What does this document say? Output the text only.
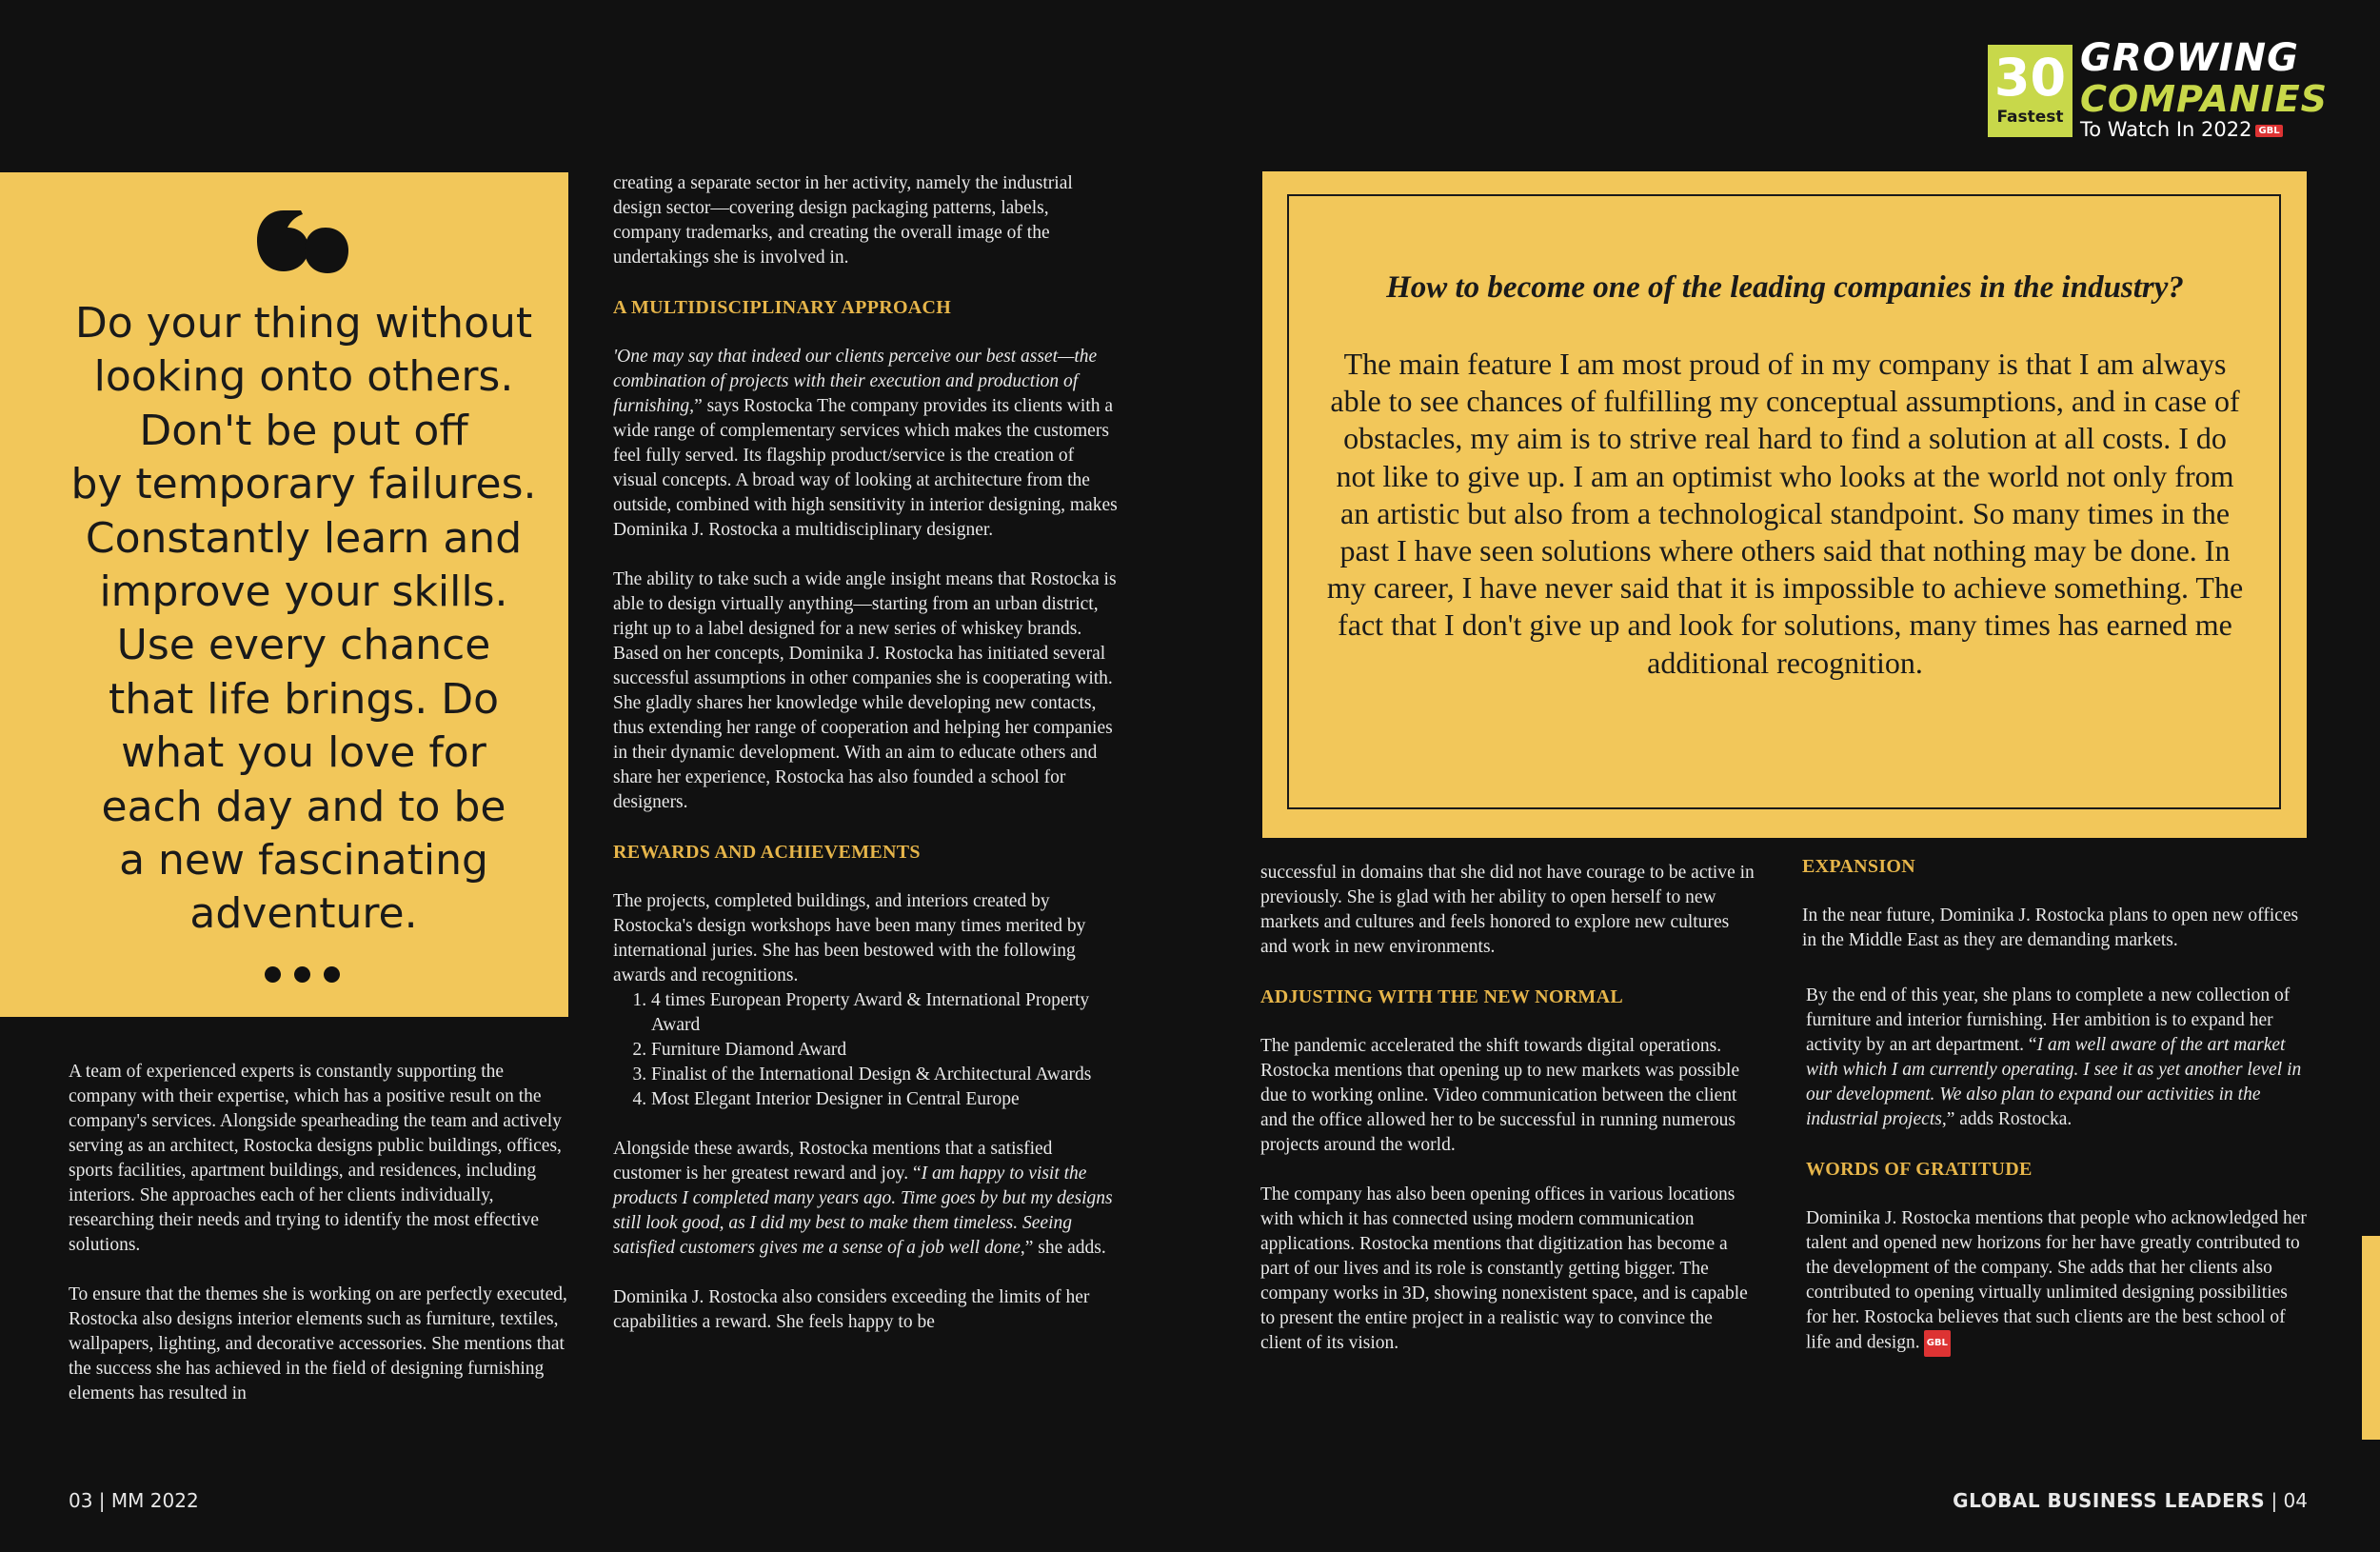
30
Fastest
GROWING
COMPANIES
To Watch In 2022 GBL
Do your thing without
looking onto others.
Don't be put off
by temporary failures.
Constantly learn and
improve your skills.
Use every chance
that life brings. Do
what you love for
each day and to be
a new fascinating
adventure.

A team of experienced experts is constantly supporting the company with their expertise, which has a positive result on the company's services. Alongside spearheading the team and actively serving as an architect, Rostocka designs public buildings, offices, sports facilities, apartment buildings, and residences, including interiors. She approaches each of her clients individually, researching their needs and trying to identify the most effective solutions.

To ensure that the themes she is working on are perfectly executed, Rostocka also designs interior elements such as furniture, textiles, wallpapers, lighting, and decorative accessories. She mentions that the success she has achieved in the field of designing furnishing elements has resulted in

creating a separate sector in her activity, namely the industrial design sector—covering design packaging patterns, labels, company trademarks, and creating the overall image of the undertakings she is involved in.

A MULTIDISCIPLINARY APPROACH

'One may say that indeed our clients perceive our best asset—the combination of projects with their execution and production of furnishing,” says Rostocka The company provides its clients with a wide range of complementary services which makes the customers feel fully served. Its flagship product/service is the creation of visual concepts. A broad way of looking at architecture from the outside, combined with high sensitivity in interior designing, makes Dominika J. Rostocka a multidisciplinary designer.

The ability to take such a wide angle insight means that Rostocka is able to design virtually anything—starting from an urban district, right up to a label designed for a new series of whiskey brands. Based on her concepts, Dominika J. Rostocka has initiated several successful assumptions in other companies she is cooperating with. She gladly shares her knowledge while developing new contacts, thus extending her range of cooperation and helping her companies in their dynamic development. With an aim to educate others and share her experience, Rostocka has also founded a school for designers.

REWARDS AND ACHIEVEMENTS

The projects, completed buildings, and interiors created by Rostocka's design workshops have been many times merited by international juries. She has been bestowed with the following awards and recognitions.

1. 4 times European Property Award & International Property Award
2. Furniture Diamond Award
3. Finalist of the International Design & Architectural Awards
4. Most Elegant Interior Designer in Central Europe

Alongside these awards, Rostocka mentions that a satisfied customer is her greatest reward and joy. “I am happy to visit the products I completed many years ago. Time goes by but my designs still look good, as I did my best to make them timeless. Seeing satisfied customers gives me a sense of a job well done,” she adds.

Dominika J. Rostocka also considers exceeding the limits of her capabilities a reward. She feels happy to be

How to become one of the leading companies in the industry?
The main feature I am most proud of in my company is that I am always able to see chances of fulfilling my conceptual assumptions, and in case of obstacles, my aim is to strive real hard to find a solution at all costs. I do not like to give up. I am an optimist who looks at the world not only from an artistic but also from a technological standpoint. So many times in the past I have seen solutions where others said that nothing may be done. In my career, I have never said that it is impossible to achieve something. The fact that I don't give up and look for solutions, many times has earned me additional recognition.

successful in domains that she did not have courage to be active in previously. She is glad with her ability to open herself to new markets and cultures and feels honored to explore new cultures and work in new environments.

ADJUSTING WITH THE NEW NORMAL

The pandemic accelerated the shift towards digital operations. Rostocka mentions that opening up to new markets was possible due to working online. Video communication between the client and the office allowed her to be successful in running numerous projects around the world.

The company has also been opening offices in various locations with which it has connected using modern communication applications. Rostocka mentions that digitization has become a part of our lives and its role is constantly getting bigger. The company works in 3D, showing nonexistent space, and is capable to present the entire project in a realistic way to convince the client of its vision.

EXPANSION

In the near future, Dominika J. Rostocka plans to open new offices in the Middle East as they are demanding markets.

By the end of this year, she plans to complete a new collection of furniture and interior furnishing. Her ambition is to expand her activity by an art department. “I am well aware of the art market with which I am currently operating. I see it as yet another level in our development. We also plan to expand our activities in the industrial projects,” adds Rostocka.

WORDS OF GRATITUDE

Dominika J. Rostocka mentions that people who acknowledged her talent and opened new horizons for her have greatly contributed to the development of the company. She adds that her clients also contributed to opening virtually unlimited designing possibilities for her. Rostocka believes that such clients are the best school of life and design. GBL

03 | MM 2022	GLOBAL BUSINESS LEADERS | 04
